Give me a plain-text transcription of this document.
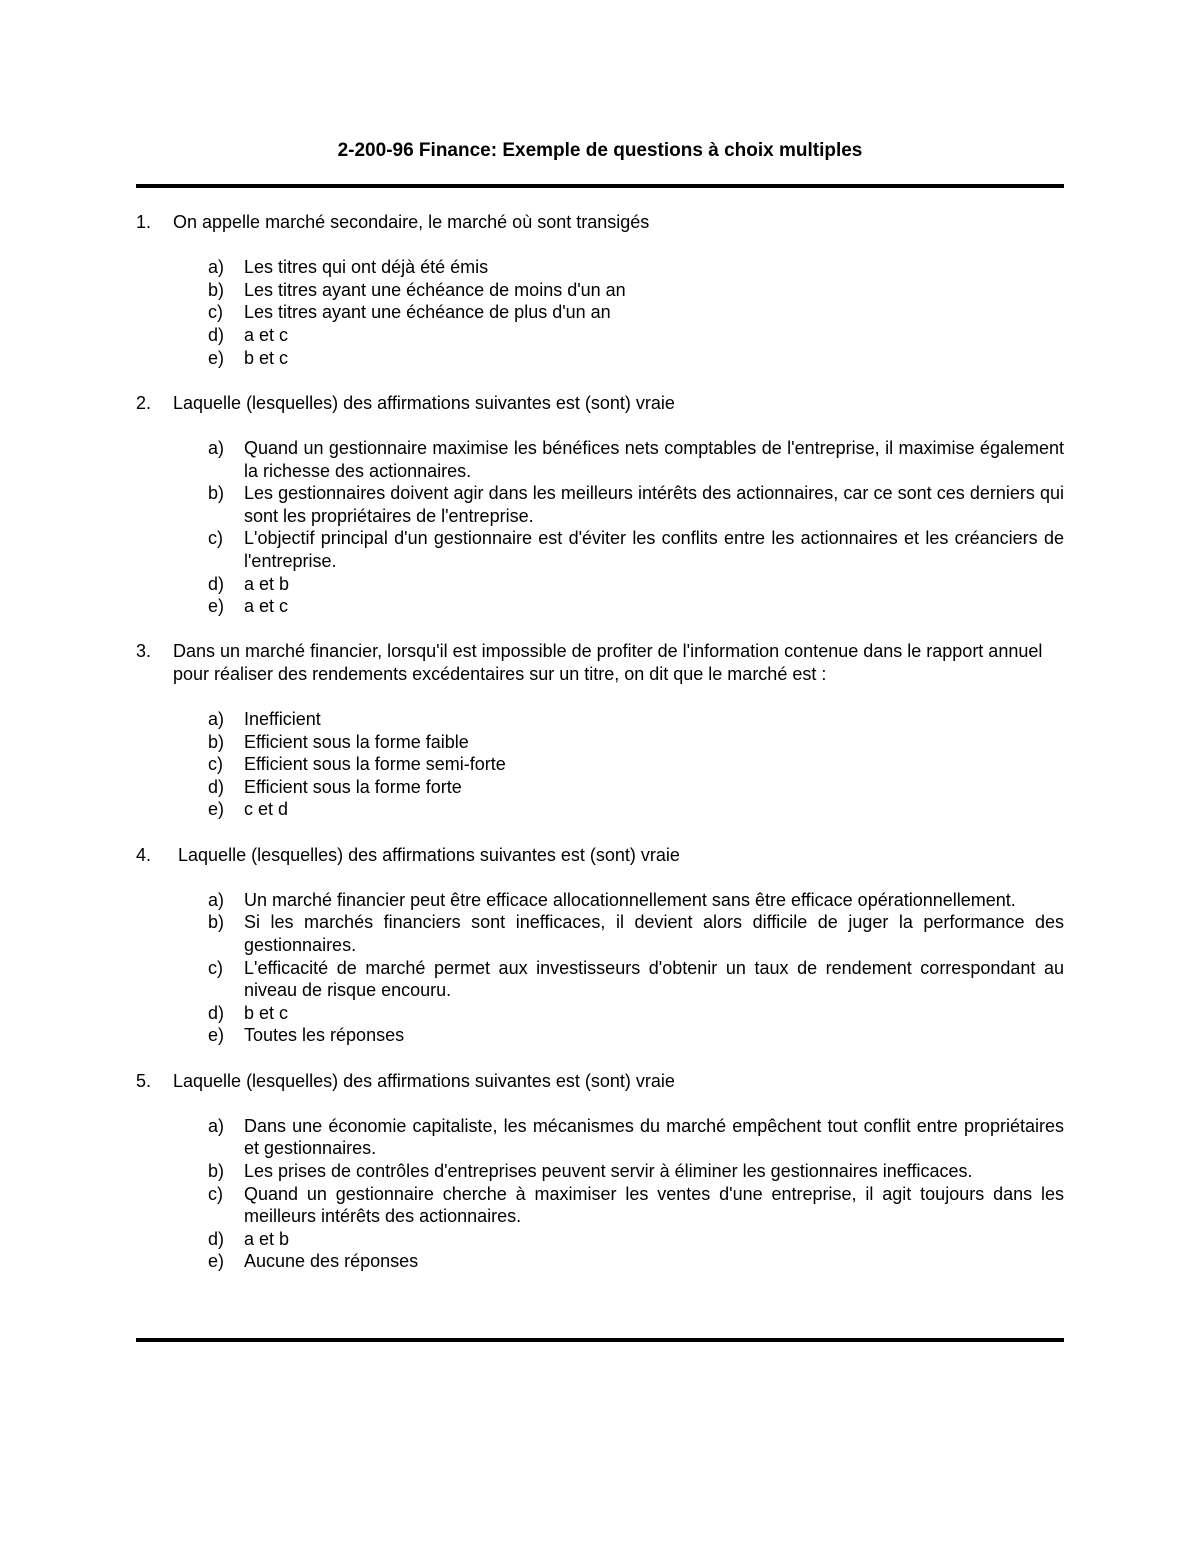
2-200-96 Finance: Exemple de questions à choix multiples
1.	On appelle marché secondaire, le marché où sont transigés
a)	Les titres qui ont déjà été émis
b)	Les titres ayant une échéance de moins d'un an
c)	Les titres ayant une échéance de plus d'un an
d)	a et c
e)	b et c
2.	Laquelle (lesquelles) des affirmations suivantes est (sont) vraie
a)	Quand un gestionnaire maximise les bénéfices nets comptables de l'entreprise, il maximise également la richesse des actionnaires.
b)	Les gestionnaires doivent agir dans les meilleurs intérêts des actionnaires, car ce sont ces derniers qui sont les propriétaires de l'entreprise.
c)	L'objectif principal d'un gestionnaire est d'éviter les conflits entre les actionnaires et les créanciers de l'entreprise.
d)	a et b
e)	a et c
3.	Dans un marché financier, lorsqu'il est impossible de profiter de l'information contenue dans le rapport annuel pour réaliser des rendements excédentaires sur un titre, on dit que le marché est :
a)	Inefficient
b)	Efficient sous la forme faible
c)	Efficient sous la forme semi-forte
d)	Efficient sous la forme forte
e)	c et d
4.	Laquelle (lesquelles) des affirmations suivantes est (sont) vraie
a)	Un marché financier peut être efficace allocationnellement sans être efficace opérationnellement.
b)	Si les marchés financiers sont inefficaces, il devient alors difficile de juger la performance des gestionnaires.
c)	L'efficacité de marché permet aux investisseurs d'obtenir un taux de rendement correspondant au niveau de risque encouru.
d)	b et c
e)	Toutes les réponses
5.	Laquelle (lesquelles) des affirmations suivantes est (sont) vraie
a)	Dans une économie capitaliste, les mécanismes du marché empêchent tout conflit entre propriétaires et gestionnaires.
b)	Les prises de contrôles d'entreprises peuvent servir à éliminer les gestionnaires inefficaces.
c)	Quand un gestionnaire cherche à maximiser les ventes d'une entreprise, il agit toujours dans les meilleurs intérêts des actionnaires.
d)	a et b
e)	Aucune des réponses
